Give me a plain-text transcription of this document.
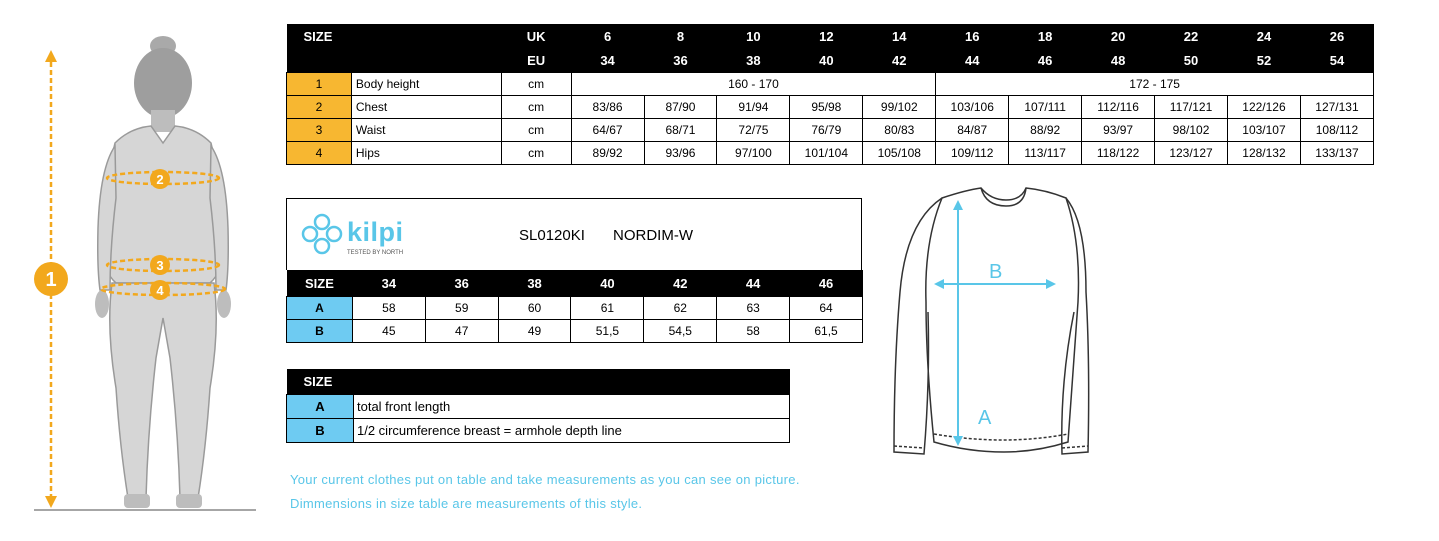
1
2
3
4
SIZE		UK	6	8	10	12	14	16	18	20	22	24	26
		EU	34	36	38	40	42	44	46	48	50	52	54
1	Body height	cm	160 - 170					172 - 175					
2	Chest	cm	83/86	87/90	91/94	95/98	99/102	103/106	107/111	112/116	117/121	122/126	127/131
3	Waist	cm	64/67	68/71	72/75	76/79	80/83	84/87	88/92	93/97	98/102	103/107	108/112
4	Hips	cm	89/92	93/96	97/100	101/104	105/108	109/112	113/117	118/122	123/127	128/132	133/137
kilpi
TESTED BY NORTH
SL0120KI NORDIM-W
SIZE	34	36	38	40	42	44	46
A	58	59	60	61	62	63	64
B	45	47	49	51,5	54,5	58	61,5
SIZE	
A	total front length
B	1/2 circumference breast = armhole depth line
Your current clothes put on table and take measurements as you can see on picture.
Dimmensions in size table are measurements of this style.
A
B
